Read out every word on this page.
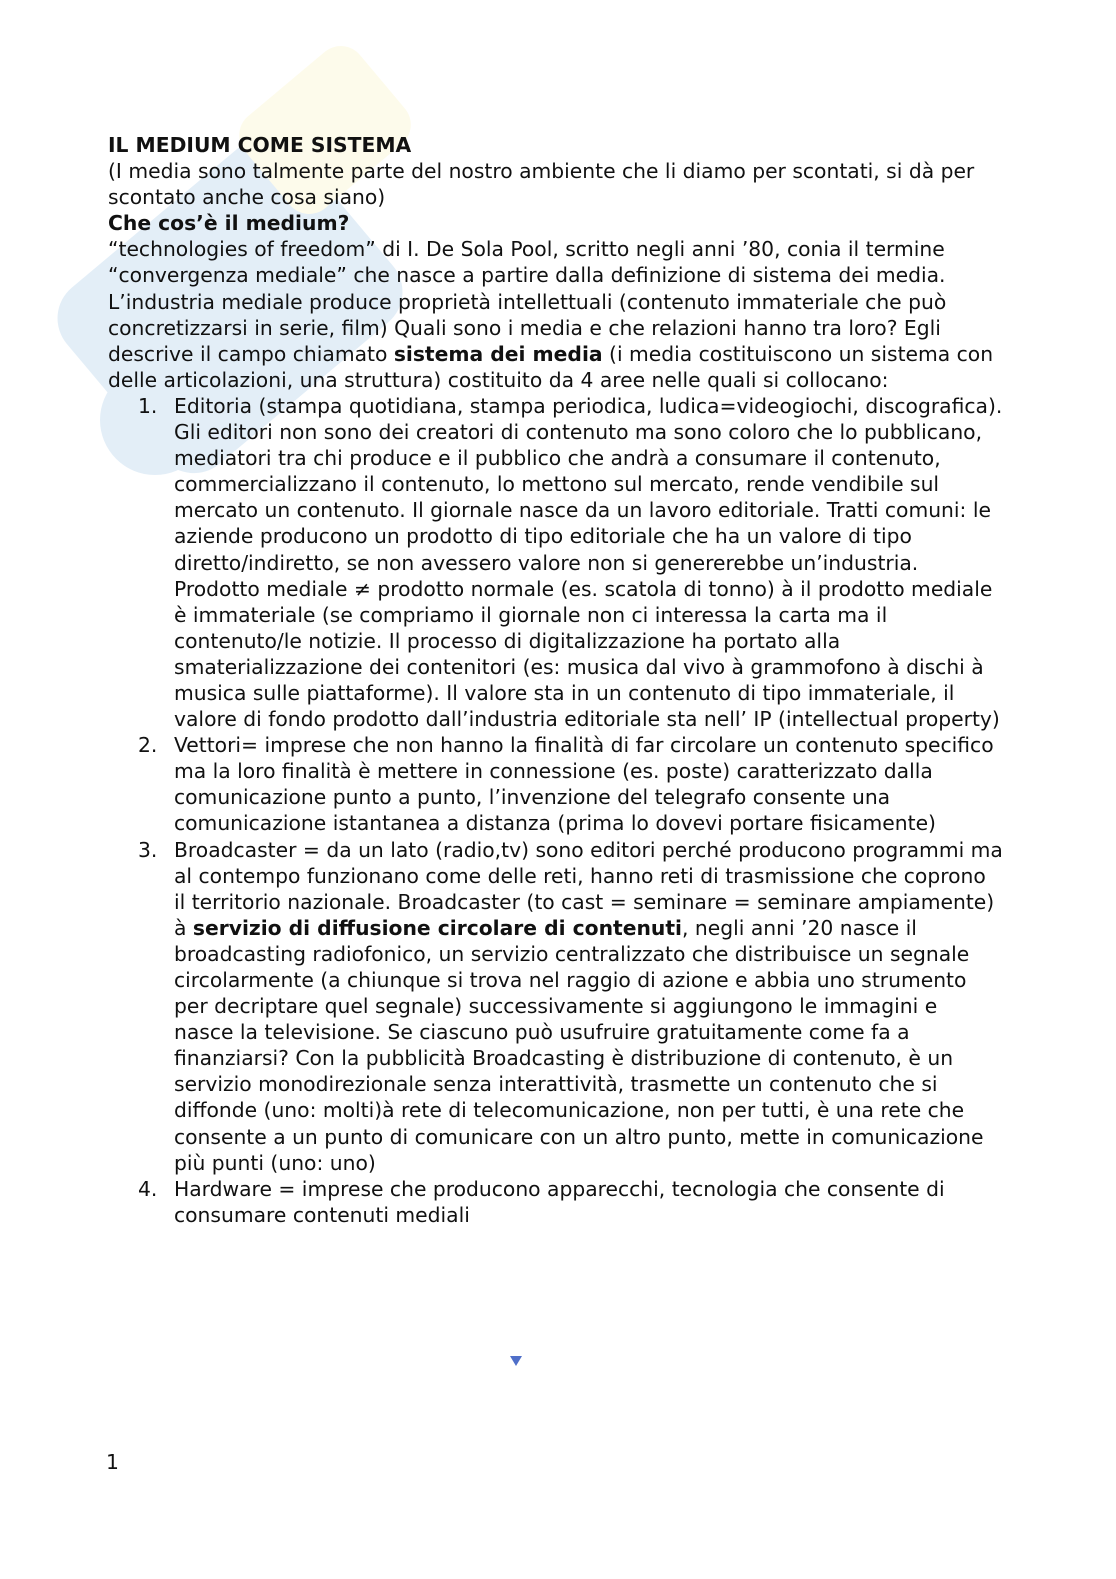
IL MEDIUM COME SISTEMA

(I media sono talmente parte del nostro ambiente che li diamo per scontati, si dà per scontato anche cosa siano)

Che cos’è il medium?

“technologies of freedom” di I. De Sola Pool, scritto negli anni ’80, conia il termine “convergenza mediale” che nasce a partire dalla definizione di sistema dei media. L’industria mediale produce proprietà intellettuali (contenuto immateriale che può concretizzarsi in serie, film) Quali sono i media e che relazioni hanno tra loro? Egli descrive il campo chiamato sistema dei media (i media costituiscono un sistema con delle articolazioni, una struttura) costituito da 4 aree nelle quali si collocano:

1. Editoria (stampa quotidiana, stampa periodica, ludica=videogiochi, discografica).
Gli editori non sono dei creatori di contenuto ma sono coloro che lo pubblicano, mediatori tra chi produce e il pubblico che andrà a consumare il contenuto, commercializzano il contenuto, lo mettono sul mercato, rende vendibile sul mercato un contenuto. Il giornale nasce da un lavoro editoriale. Tratti comuni: le aziende producono un prodotto di tipo editoriale che ha un valore di tipo diretto/indiretto, se non avessero valore non si genererebbe un’industria. Prodotto mediale ≠ prodotto normale (es. scatola di tonno) à il prodotto mediale è immateriale (se compriamo il giornale non ci interessa la carta ma il contenuto/le notizie. Il processo di digitalizzazione ha portato alla smaterializzazione dei contenitori (es: musica dal vivo à grammofono à dischi à musica sulle piattaforme). Il valore sta in un contenuto di tipo immateriale, il valore di fondo prodotto dall’industria editoriale sta nell’ IP (intellectual property)
2. Vettori= imprese che non hanno la finalità di far circolare un contenuto specifico ma la loro finalità è mettere in connessione (es. poste) caratterizzato dalla comunicazione punto a punto, l’invenzione del telegrafo consente una comunicazione istantanea a distanza (prima lo dovevi portare fisicamente)
3. Broadcaster = da un lato (radio,tv) sono editori perché producono programmi ma al contempo funzionano come delle reti, hanno reti di trasmissione che coprono il territorio nazionale. Broadcaster (to cast = seminare = seminare ampiamente) à servizio di diffusione circolare di contenuti, negli anni ’20 nasce il broadcasting radiofonico, un servizio centralizzato che distribuisce un segnale circolarmente (a chiunque si trova nel raggio di azione e abbia uno strumento per decriptare quel segnale) successivamente si aggiungono le immagini e nasce la televisione. Se ciascuno può usufruire gratuitamente come fa a finanziarsi? Con la pubblicità Broadcasting è distribuzione di contenuto, è un servizio monodirezionale senza interattività, trasmette un contenuto che si diffonde (uno: molti)à rete di telecomunicazione, non per tutti, è una rete che consente a un punto di comunicare con un altro punto, mette in comunicazione più punti (uno: uno)
4. Hardware = imprese che producono apparecchi, tecnologia che consente di consumare contenuti mediali
1
